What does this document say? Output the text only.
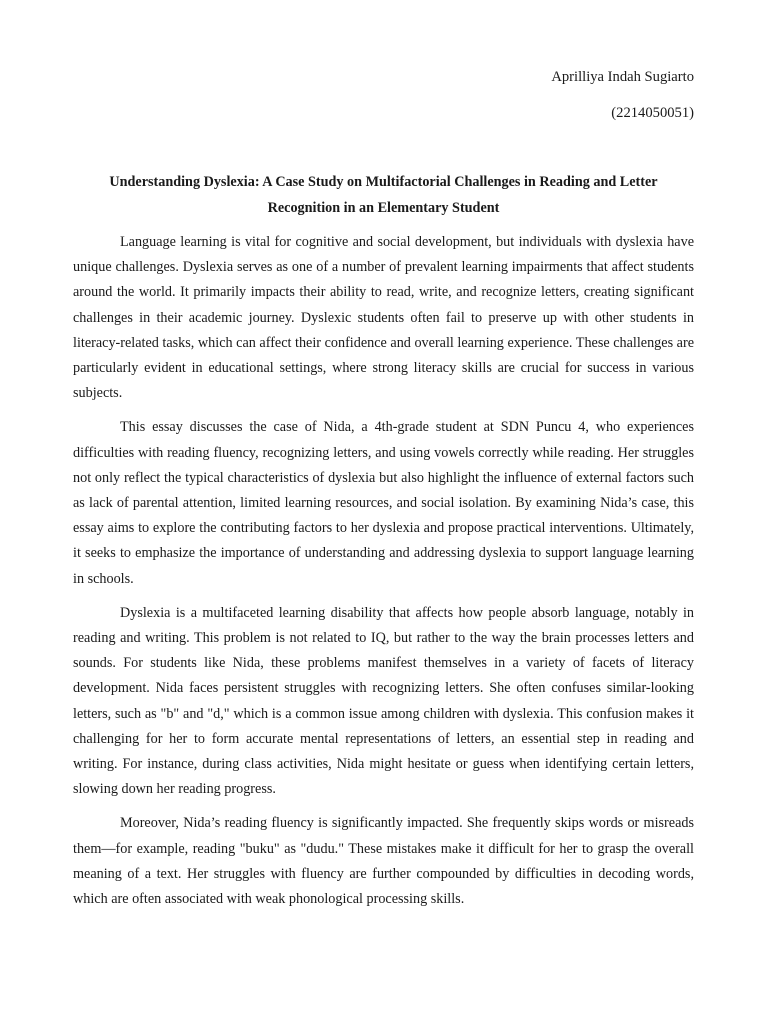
Aprilliya Indah Sugiarto
(2214050051)
Understanding Dyslexia: A Case Study on Multifactorial Challenges in Reading and Letter Recognition in an Elementary Student

Language learning is vital for cognitive and social development, but individuals with dyslexia have unique challenges. Dyslexia serves as one of a number of prevalent learning impairments that affect students around the world. It primarily impacts their ability to read, write, and recognize letters, creating significant challenges in their academic journey. Dyslexic students often fail to preserve up with other students in literacy-related tasks, which can affect their confidence and overall learning experience. These challenges are particularly evident in educational settings, where strong literacy skills are crucial for success in various subjects.

This essay discusses the case of Nida, a 4th-grade student at SDN Puncu 4, who experiences difficulties with reading fluency, recognizing letters, and using vowels correctly while reading. Her struggles not only reflect the typical characteristics of dyslexia but also highlight the influence of external factors such as lack of parental attention, limited learning resources, and social isolation. By examining Nida’s case, this essay aims to explore the contributing factors to her dyslexia and propose practical interventions. Ultimately, it seeks to emphasize the importance of understanding and addressing dyslexia to support language learning in schools.

Dyslexia is a multifaceted learning disability that affects how people absorb language, notably in reading and writing. This problem is not related to IQ, but rather to the way the brain processes letters and sounds. For students like Nida, these problems manifest themselves in a variety of facets of literacy development. Nida faces persistent struggles with recognizing letters. She often confuses similar-looking letters, such as "b" and "d," which is a common issue among children with dyslexia. This confusion makes it challenging for her to form accurate mental representations of letters, an essential step in reading and writing. For instance, during class activities, Nida might hesitate or guess when identifying certain letters, slowing down her reading progress.

Moreover, Nida’s reading fluency is significantly impacted. She frequently skips words or misreads them—for example, reading "buku" as "dudu." These mistakes make it difficult for her to grasp the overall meaning of a text. Her struggles with fluency are further compounded by difficulties in decoding words, which are often associated with weak phonological processing skills.
